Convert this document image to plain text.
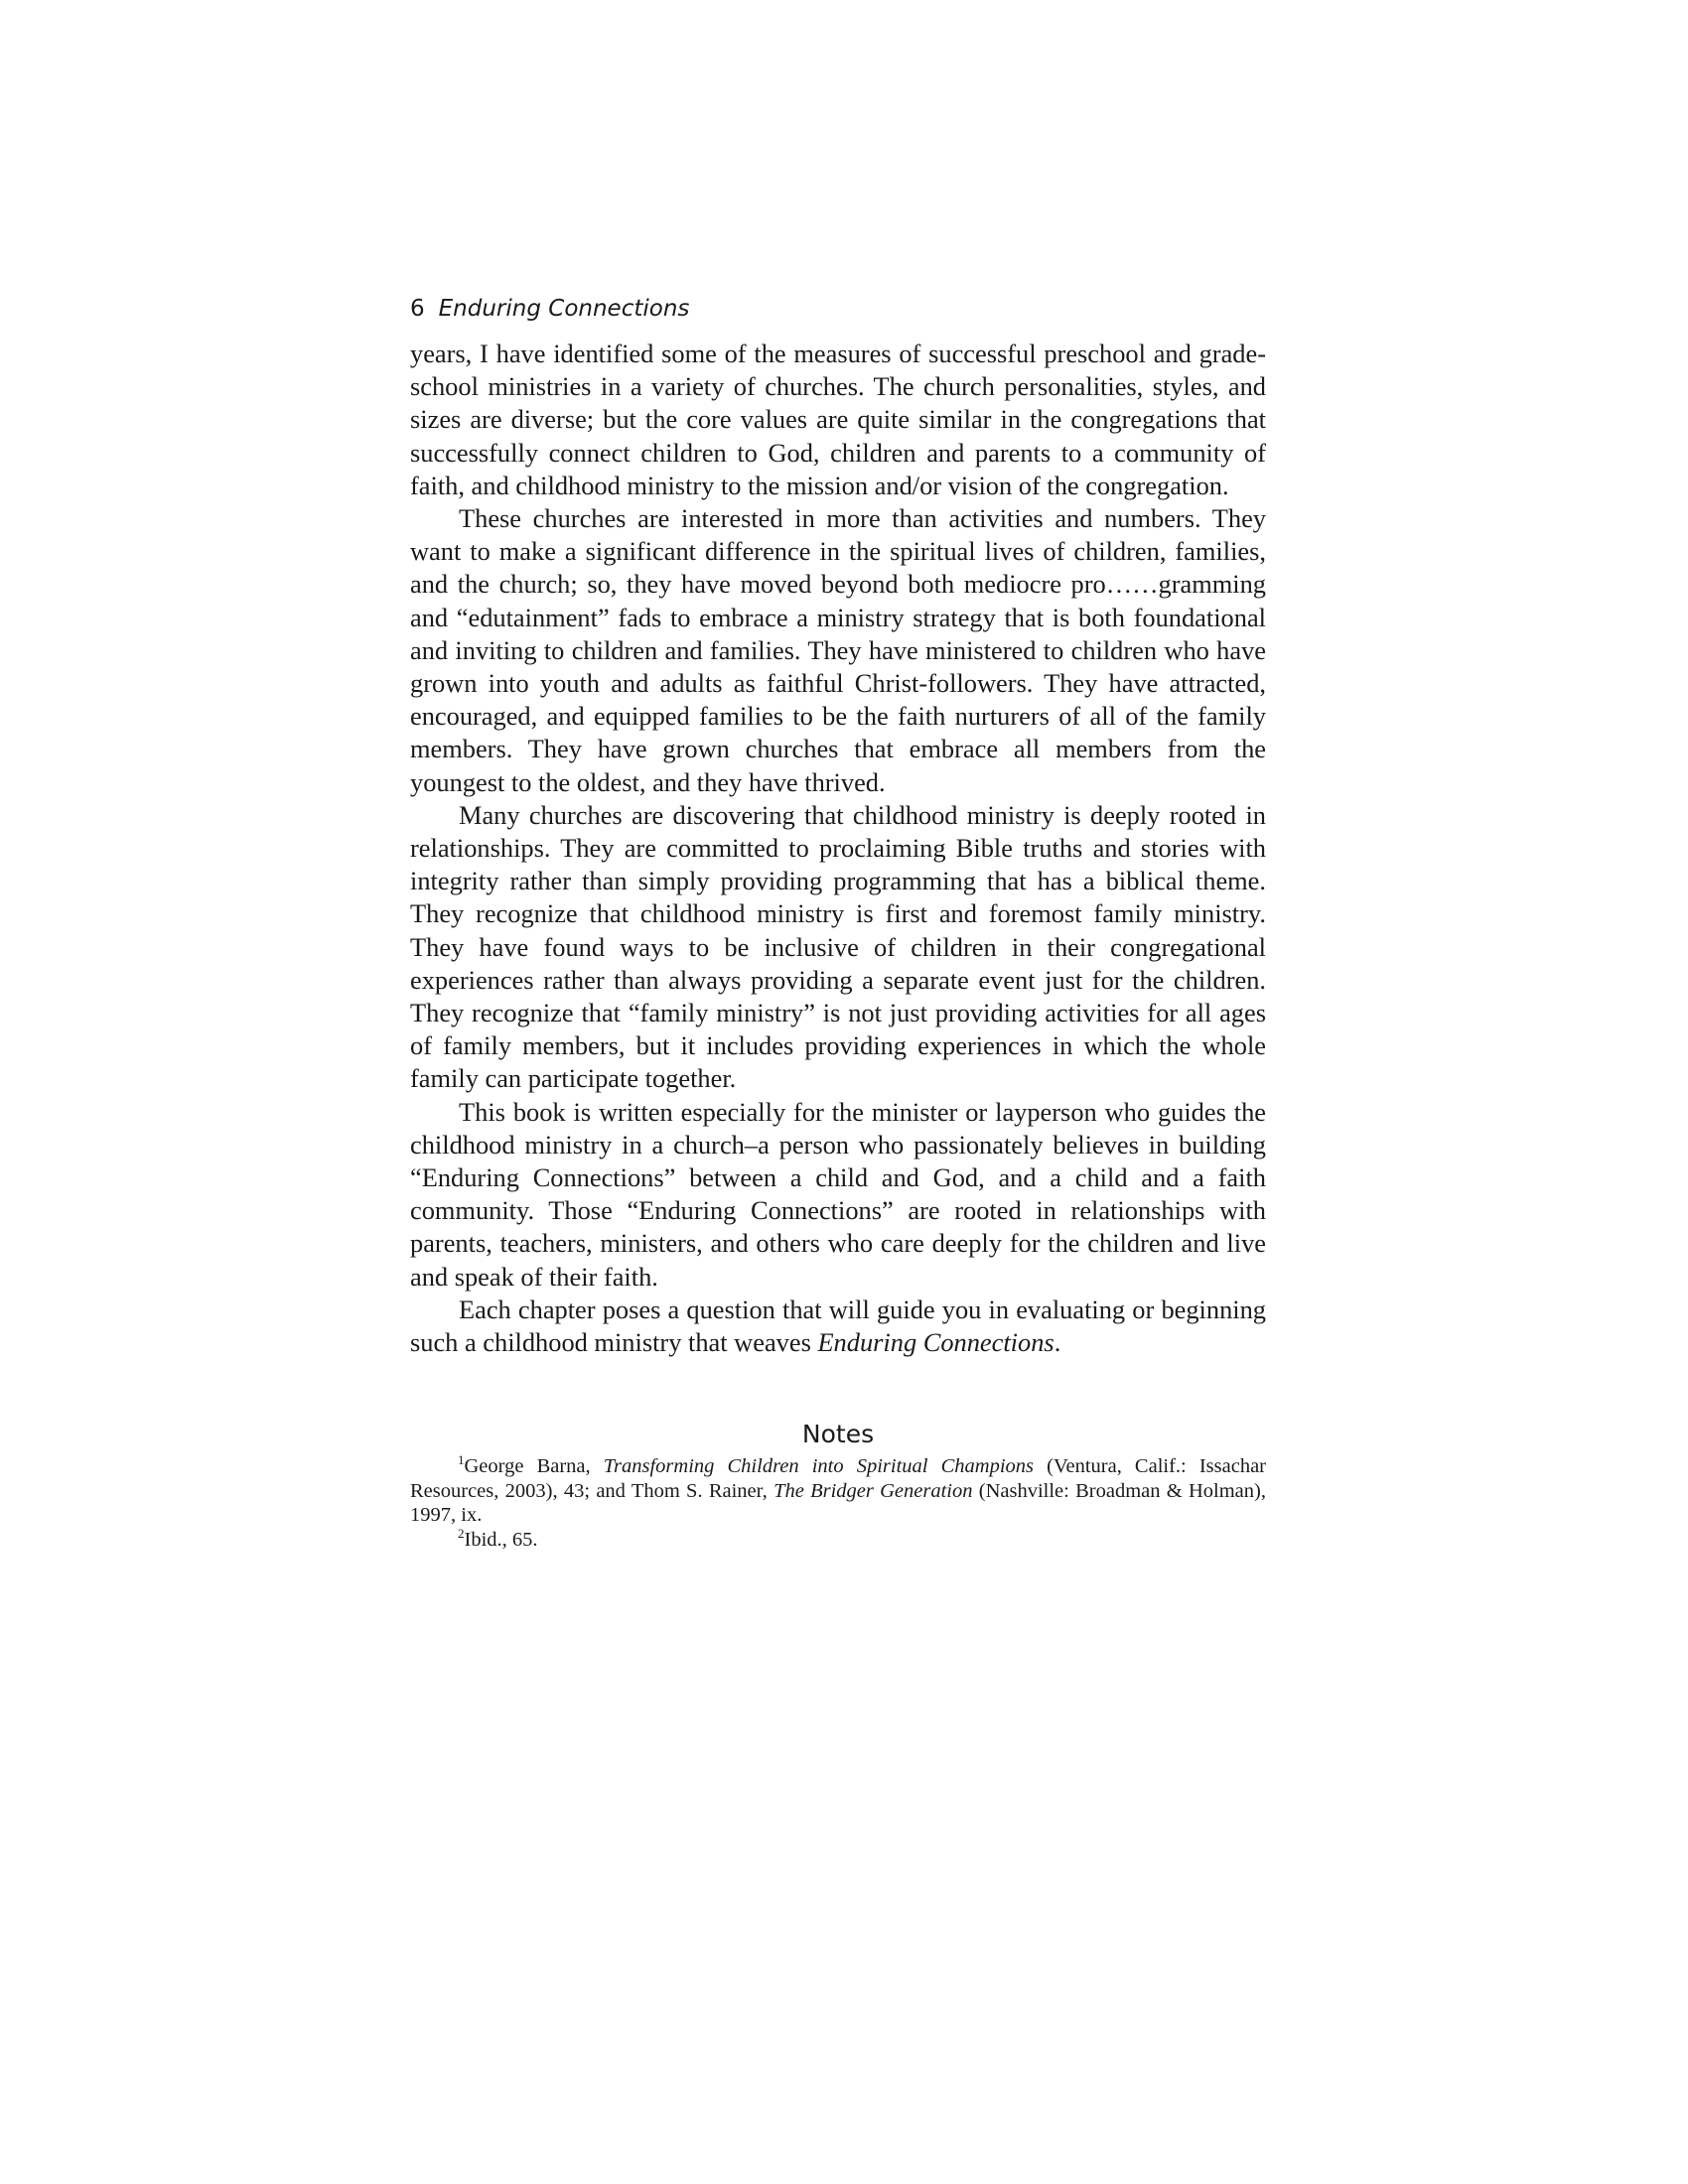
6 Enduring Connections

years, I have identified some of the measures of successful preschool and grade-school ministries in a variety of churches. The church personalities, styles, and sizes are diverse; but the core values are quite similar in the congregations that successfully connect children to God, children and parents to a community of faith, and childhood ministry to the mission and/or vision of the congregation.

These churches are interested in more than activities and numbers. They want to make a significant difference in the spiritual lives of children, families, and the church; so, they have moved beyond both mediocre pro……gramming and “edutainment” fads to embrace a ministry strategy that is both foundational and inviting to children and families. They have ministered to children who have grown into youth and adults as faithful Christ-followers. They have attracted, encouraged, and equipped families to be the faith nurturers of all of the family members. They have grown churches that embrace all members from the youngest to the oldest, and they have thrived.

Many churches are discovering that childhood ministry is deeply rooted in relationships. They are committed to proclaiming Bible truths and stories with integrity rather than simply providing programming that has a biblical theme. They recognize that childhood ministry is first and foremost family ministry. They have found ways to be inclusive of children in their congregational experiences rather than always providing a separate event just for the children. They recognize that “family ministry” is not just providing activities for all ages of family members, but it includes providing experiences in which the whole family can participate together.

This book is written especially for the minister or layperson who guides the childhood ministry in a church–a person who passionately believes in building “Enduring Connections” between a child and God, and a child and a faith community. Those “Enduring Connections” are rooted in relationships with parents, teachers, ministers, and others who care deeply for the children and live and speak of their faith.

Each chapter poses a question that will guide you in evaluating or beginning such a childhood ministry that weaves Enduring Connections.

Notes

$^1$George Barna, Transforming Children into Spiritual Champions (Ventura, Calif.: Issachar Resources, 2003), 43; and Thom S. Rainer, The Bridger Generation (Nashville: Broadman & Holman), 1997, ix.

$^2$Ibid., 65.
